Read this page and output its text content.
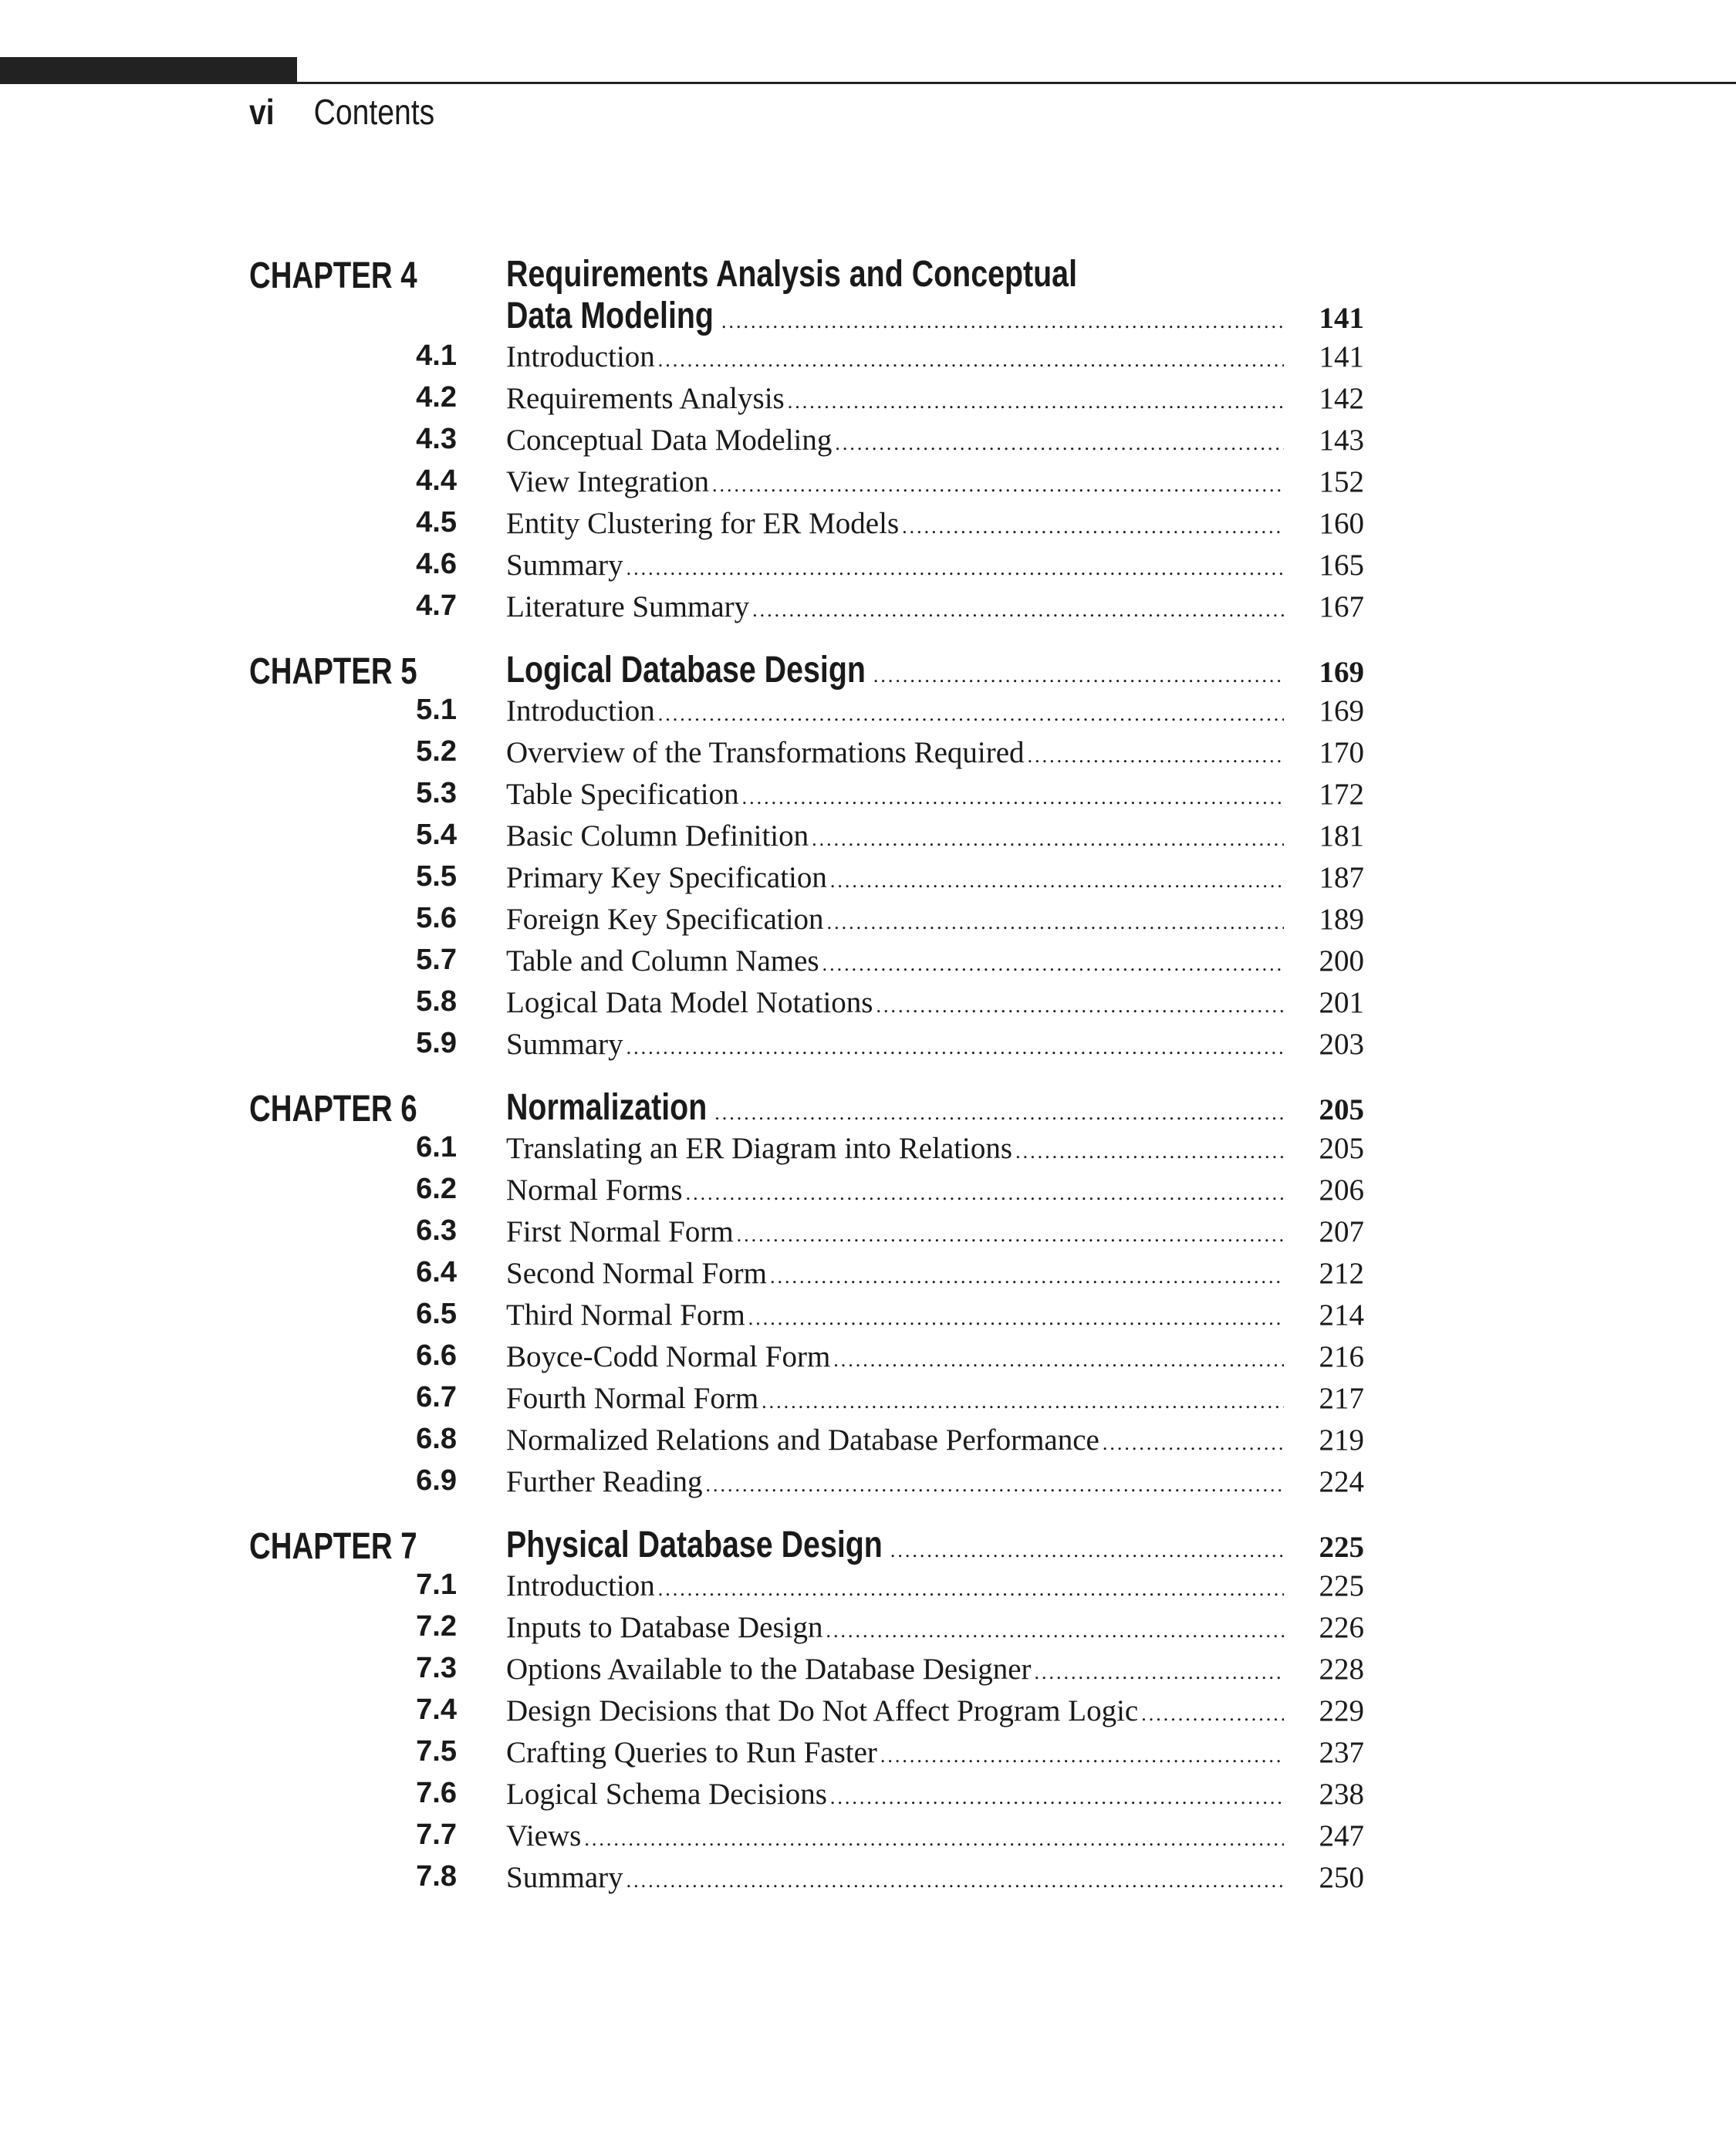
vi Contents
CHAPTER 4 Requirements Analysis and Conceptual
Data Modeling .....	141
4.1 Introduction .....	141
4.2 Requirements Analysis .....	142
4.3 Conceptual Data Modeling .....	143
4.4 View Integration .....	152
4.5 Entity Clustering for ER Models .....	160
4.6 Summary .....	165
4.7 Literature Summary .....	167
CHAPTER 5 Logical Database Design .....	169
5.1 Introduction .....	169
5.2 Overview of the Transformations Required .....	170
5.3 Table Specification .....	172
5.4 Basic Column Definition .....	181
5.5 Primary Key Specification .....	187
5.6 Foreign Key Specification .....	189
5.7 Table and Column Names .....	200
5.8 Logical Data Model Notations .....	201
5.9 Summary .....	203
CHAPTER 6 Normalization .....	205
6.1 Translating an ER Diagram into Relations .....	205
6.2 Normal Forms .....	206
6.3 First Normal Form .....	207
6.4 Second Normal Form .....	212
6.5 Third Normal Form .....	214
6.6 Boyce-Codd Normal Form .....	216
6.7 Fourth Normal Form .....	217
6.8 Normalized Relations and Database Performance .....	219
6.9 Further Reading .....	224
CHAPTER 7 Physical Database Design .....	225
7.1 Introduction .....	225
7.2 Inputs to Database Design .....	226
7.3 Options Available to the Database Designer .....	228
7.4 Design Decisions that Do Not Affect Program Logic .....	229
7.5 Crafting Queries to Run Faster .....	237
7.6 Logical Schema Decisions .....	238
7.7 Views .....	247
7.8 Summary .....	250
